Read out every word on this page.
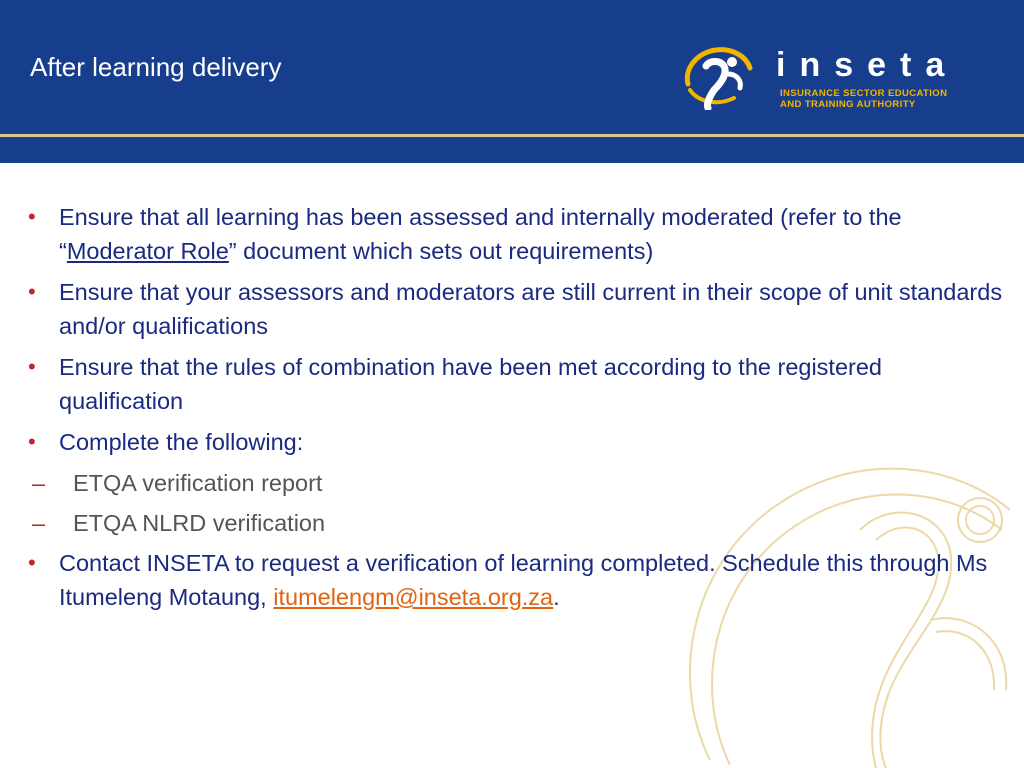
After learning delivery	inseta
INSURANCE SECTOR EDUCATION
AND TRAINING AUTHORITY
• Ensure that all learning has been assessed and internally moderated (refer to the “Moderator Role” document which sets out requirements)
• Ensure that your assessors and moderators are still current in their scope of unit standards and/or qualifications
• Ensure that the rules of combination have been met according to the registered qualification
• Complete the following:
– ETQA verification report
– ETQA NLRD verification
• Contact INSETA to request a verification of learning completed. Schedule this through Ms Itumeleng Motaung, itumelengm@inseta.org.za.
